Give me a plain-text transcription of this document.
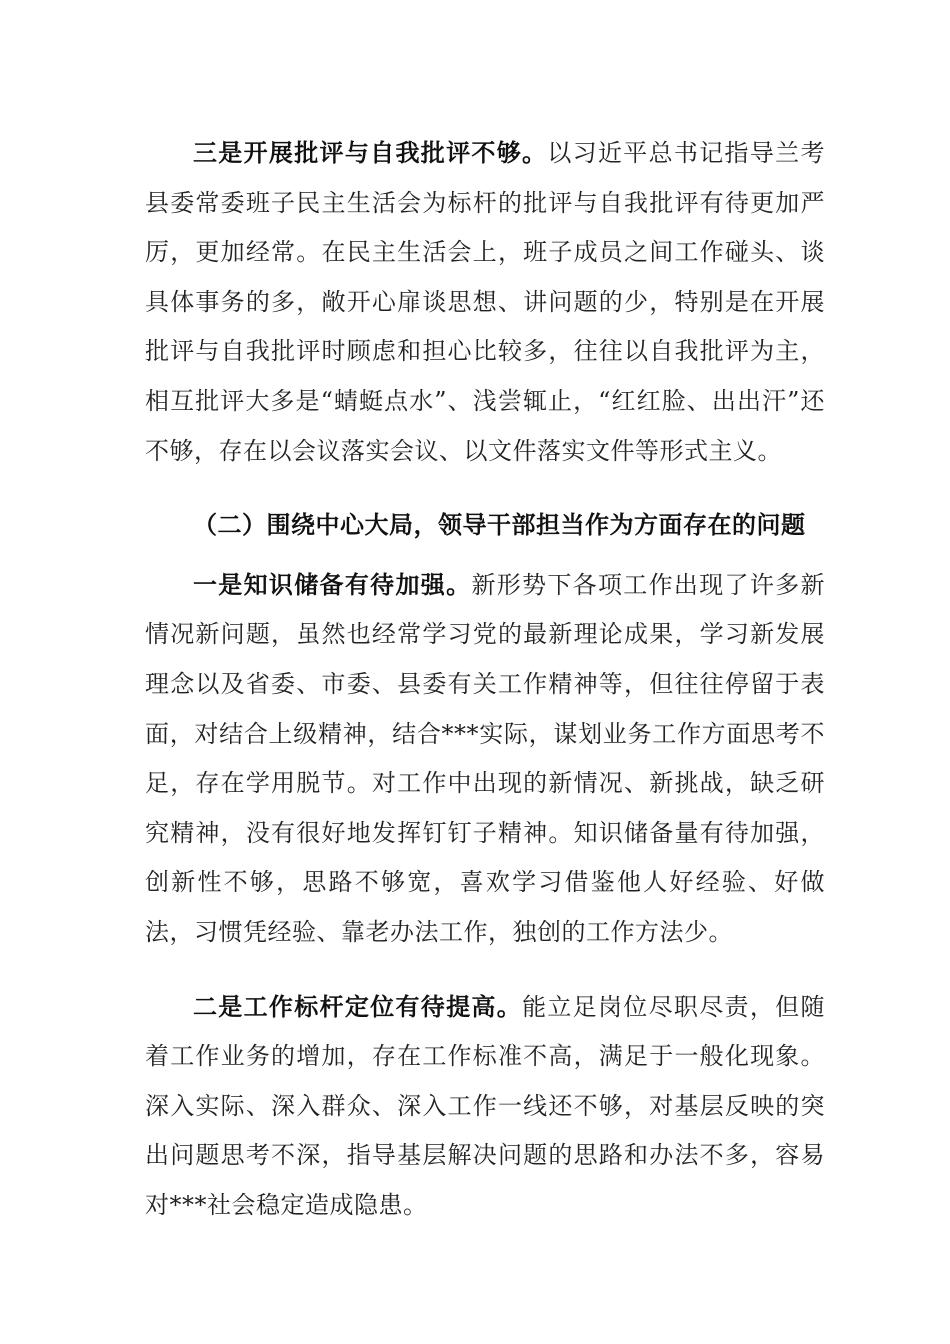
三是开展批评与自我批评不够。以习近平总书记指导兰考县委常委班子民主生活会为标杆的批评与自我批评有待更加严厉，更加经常。在民主生活会上，班子成员之间工作碰头、谈具体事务的多，敞开心扉谈思想、讲问题的少，特别是在开展批评与自我批评时顾虑和担心比较多，往往以自我批评为主，相互批评大多是“蜻蜓点水”、浅尝辄止，“红红脸、出出汗”还不够，存在以会议落实会议、以文件落实文件等形式主义。

（二）围绕中心大局，领导干部担当作为方面存在的问题

一是知识储备有待加强。新形势下各项工作出现了许多新情况新问题，虽然也经常学习党的最新理论成果，学习新发展理念以及省委、市委、县委有关工作精神等，但往往停留于表面，对结合上级精神，结合***实际，谋划业务工作方面思考不足，存在学用脱节。对工作中出现的新情况、新挑战，缺乏研究精神，没有很好地发挥钉钉子精神。知识储备量有待加强，创新性不够，思路不够宽，喜欢学习借鉴他人好经验、好做法，习惯凭经验、靠老办法工作，独创的工作方法少。

二是工作标杆定位有待提高。能立足岗位尽职尽责，但随着工作业务的增加，存在工作标准不高，满足于一般化现象。深入实际、深入群众、深入工作一线还不够，对基层反映的突出问题思考不深，指导基层解决问题的思路和办法不多，容易对***社会稳定造成隐患。
